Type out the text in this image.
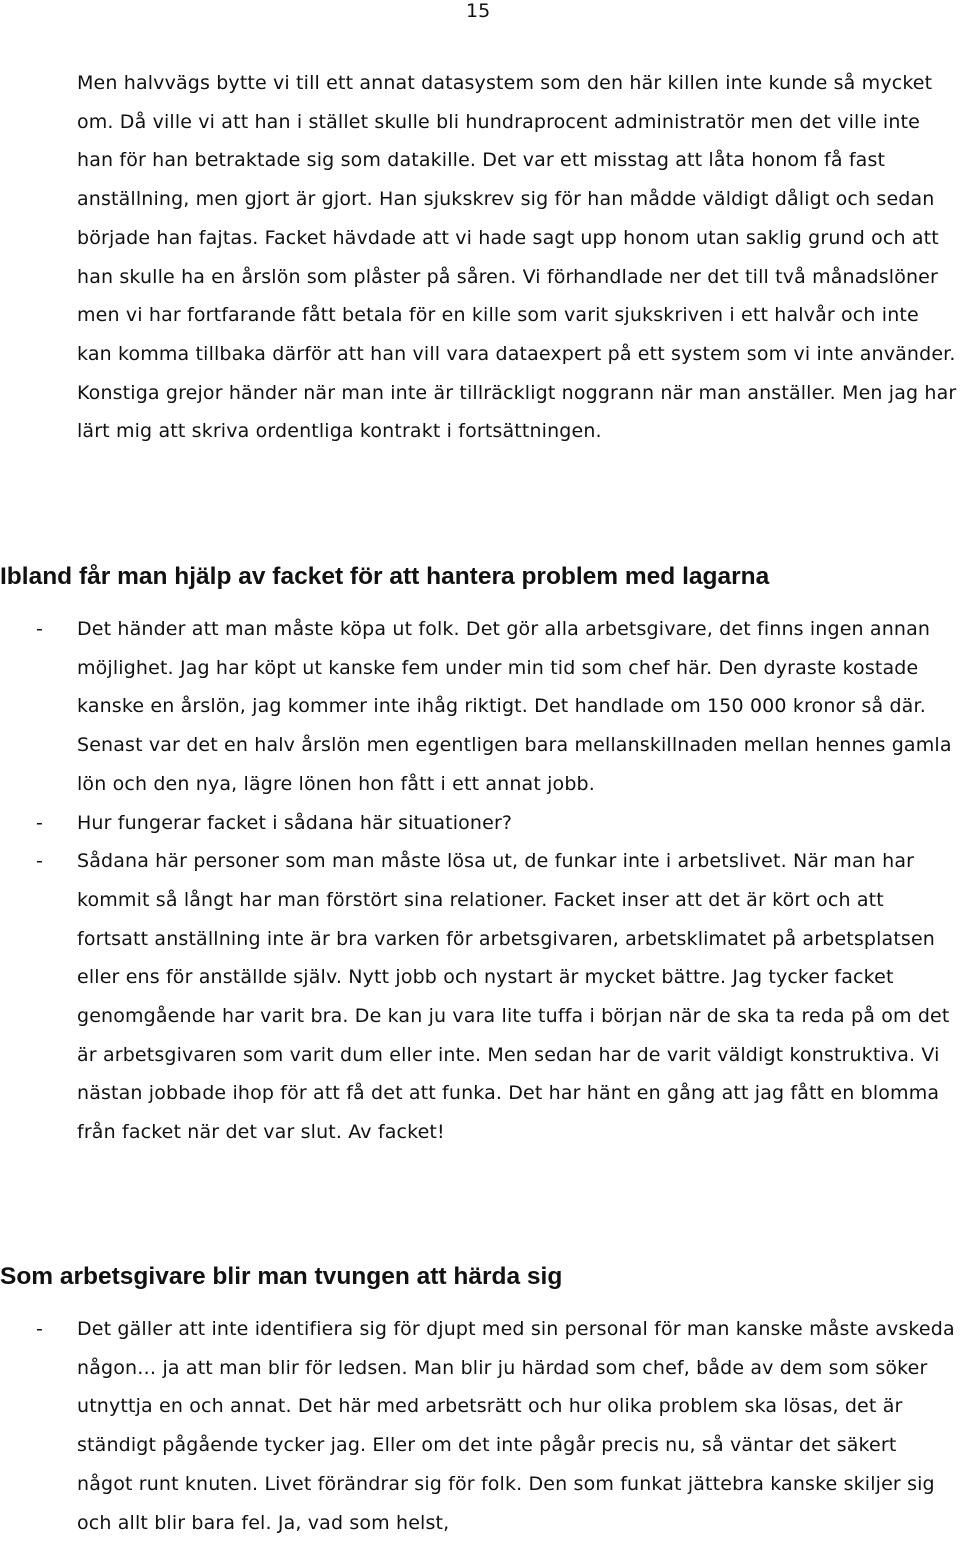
15

Men halvvägs bytte vi till ett annat datasystem som den här killen inte kunde så mycket om. Då ville vi att han i stället skulle bli hundraprocent administratör men det ville inte han för han betraktade sig som datakille. Det var ett misstag att låta honom få fast anställning, men gjort är gjort. Han sjukskrev sig för han mådde väldigt dåligt och sedan började han fajtas. Facket hävdade att vi hade sagt upp honom utan saklig grund och att han skulle ha en årslön som plåster på såren. Vi förhandlade ner det till två månadslöner men vi har fortfarande fått betala för en kille som varit sjukskriven i ett halvår och inte kan komma tillbaka därför att han vill vara dataexpert på ett system som vi inte använder. Konstiga grejor händer när man inte är tillräckligt noggrann när man anställer. Men jag har lärt mig att skriva ordentliga kontrakt i fortsättningen.

Ibland får man hjälp av facket för att hantera problem med lagarna
- Det händer att man måste köpa ut folk. Det gör alla arbetsgivare, det finns ingen annan möjlighet. Jag har köpt ut kanske fem under min tid som chef här. Den dyraste kostade kanske en årslön, jag kommer inte ihåg riktigt. Det handlade om 150 000 kronor så där. Senast var det en halv årslön men egentligen bara mellanskillnaden mellan hennes gamla lön och den nya, lägre lönen hon fått i ett annat jobb.
- Hur fungerar facket i sådana här situationer?
- Sådana här personer som man måste lösa ut, de funkar inte i arbetslivet. När man har kommit så långt har man förstört sina relationer. Facket inser att det är kört och att fortsatt anställning inte är bra varken för arbetsgivaren, arbetsklimatet på arbetsplatsen eller ens för anställde själv. Nytt jobb och nystart är mycket bättre. Jag tycker facket genomgående har varit bra. De kan ju vara lite tuffa i början när de ska ta reda på om det är arbetsgivaren som varit dum eller inte. Men sedan har de varit väldigt konstruktiva. Vi nästan jobbade ihop för att få det att funka. Det har hänt en gång att jag fått en blomma från facket när det var slut. Av facket!
Som arbetsgivare blir man tvungen att härda sig
- Det gäller att inte identifiera sig för djupt med sin personal för man kanske måste avskeda någon… ja att man blir för ledsen. Man blir ju härdad som chef, både av dem som söker utnyttja en och annat. Det här med arbetsrätt och hur olika problem ska lösas, det är ständigt pågående tycker jag. Eller om det inte pågår precis nu, så väntar det säkert något runt knuten. Livet förändrar sig för folk. Den som funkat jättebra kanske skiljer sig och allt blir bara fel. Ja, vad som helst,
